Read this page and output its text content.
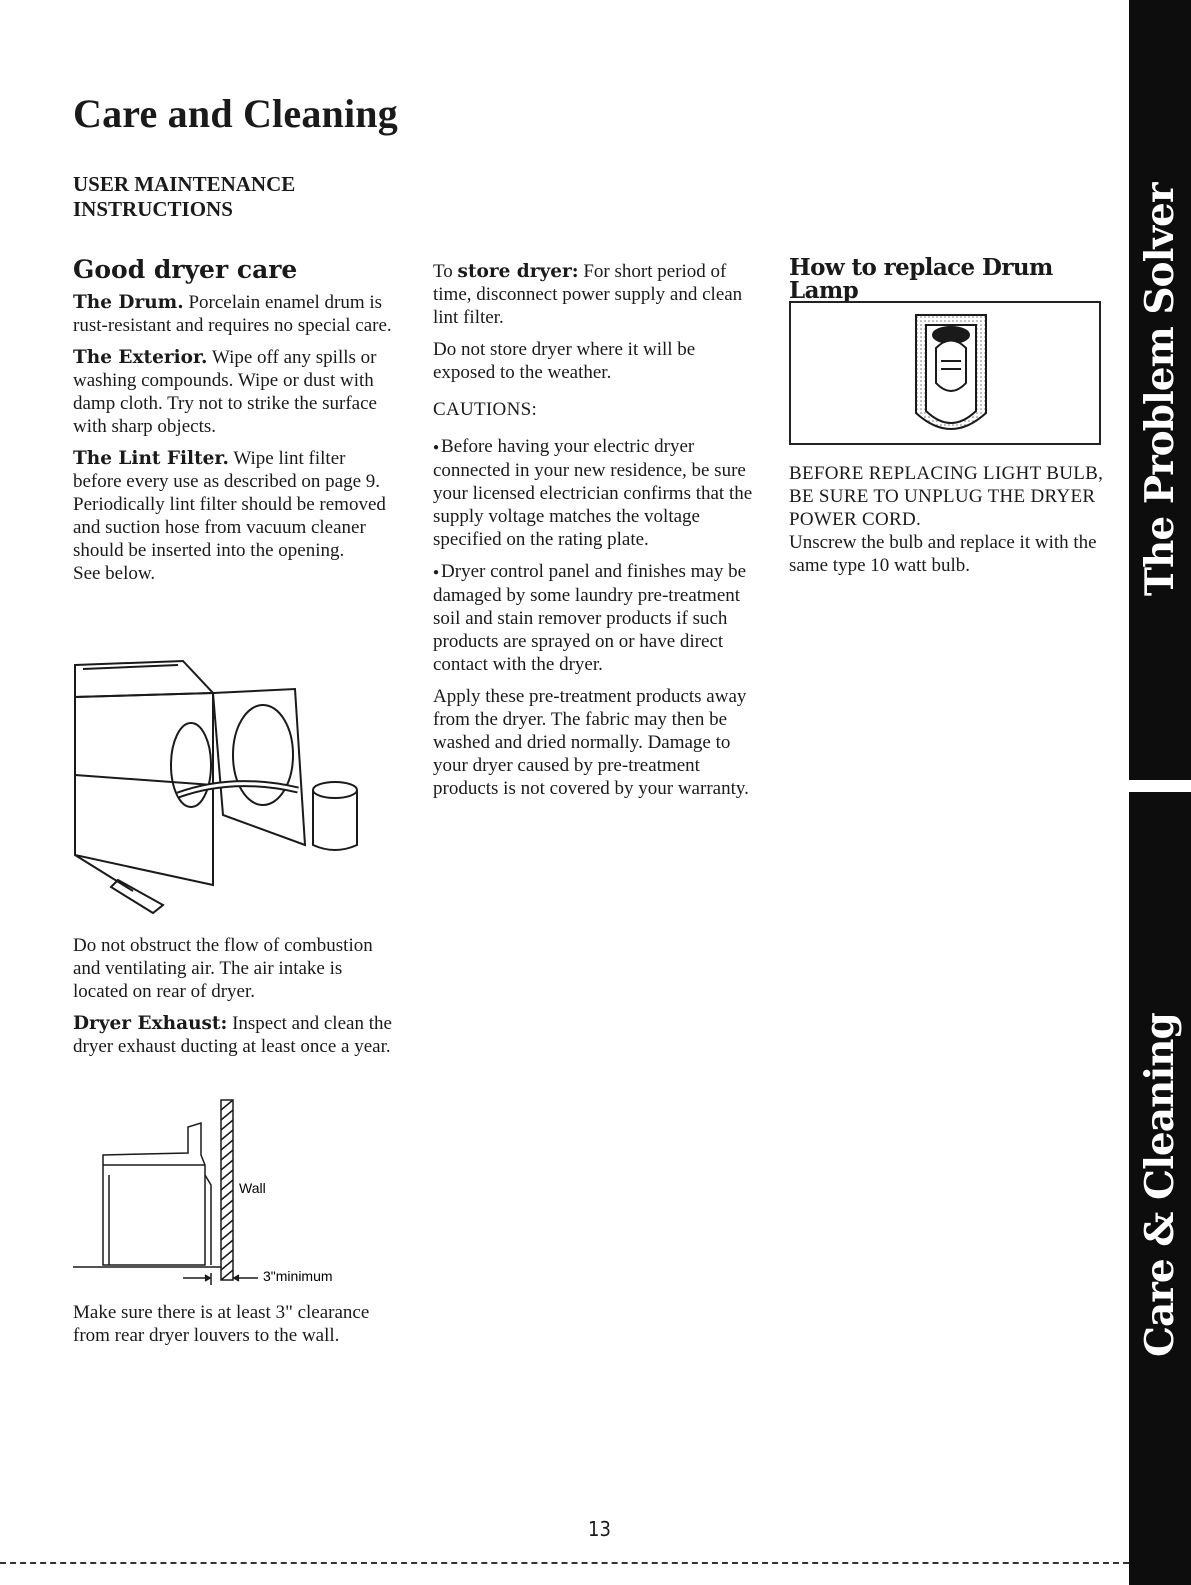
Care and Cleaning
USER MAINTENANCE
INSTRUCTIONS
Good dryer care

The Drum. Porcelain enamel drum is rust-resistant and requires no special care.

The Exterior. Wipe off any spills or washing compounds. Wipe or dust with damp cloth. Try not to strike the surface with sharp objects.

The Lint Filter. Wipe lint filter before every use as described on page 9. Periodically lint filter should be removed and suction hose from vacuum cleaner should be inserted into the opening.

See below.

Do not obstruct the flow of combustion and ventilating air. The air intake is located on rear of dryer.

Dryer Exhaust: Inspect and clean the dryer exhaust ducting at least once a year.

Wall
3"minimum

Make sure there is at least 3" clearance from rear dryer louvers to the wall.

To store dryer: For short period of time, disconnect power supply and clean lint filter.

Do not store dryer where it will be exposed to the weather.

CAUTIONS:

● Before having your electric dryer connected in your new residence, be sure your licensed electrician confirms that the supply voltage matches the voltage specified on the rating plate.

● Dryer control panel and finishes may be damaged by some laundry pre-treatment soil and stain remover products if such products are sprayed on or have direct contact with the dryer.

Apply these pre-treatment products away from the dryer. The fabric may then be washed and dried normally. Damage to your dryer caused by pre-treatment products is not covered by your warranty.

How to replace Drum Lamp

BEFORE REPLACING LIGHT BULB, BE SURE TO UNPLUG THE DRYER POWER CORD.

Unscrew the bulb and replace it with the same type 10 watt bulb.	The Problem Solver
Care & Cleaning
13
